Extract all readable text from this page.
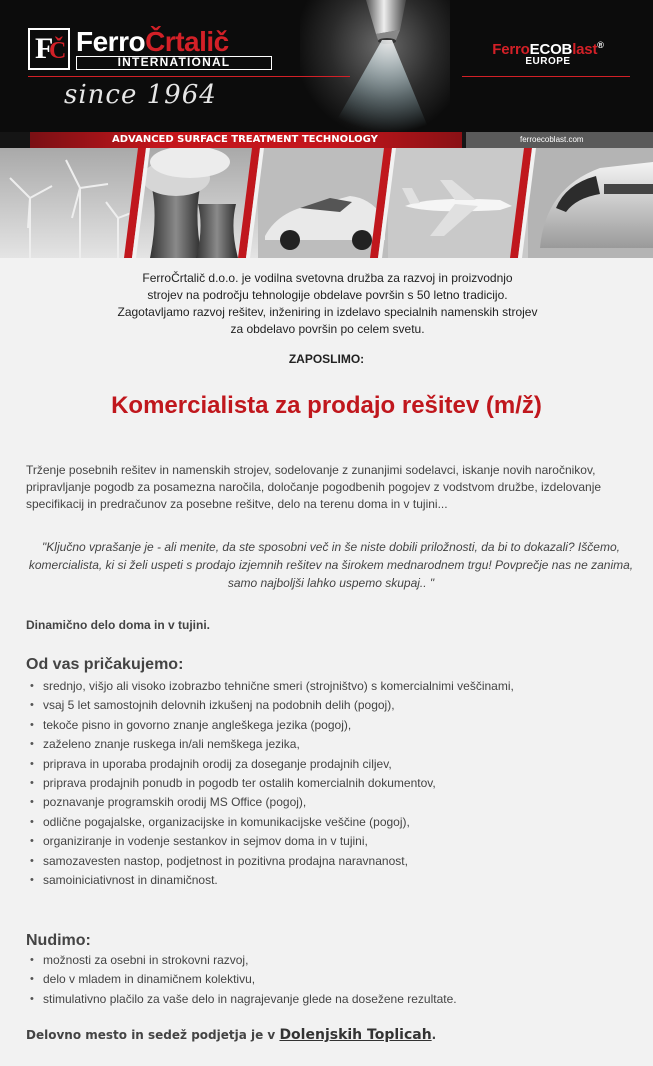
F
Č FerroČrtalič
INTERNATIONAL
since 1964
FerroECOBlast®
EUROPE
ADVANCED SURFACE TREATMENT TECHNOLOGY	ferroecoblast.com
FerroČrtalič d.o.o. je vodilna svetovna družba za razvoj in proizvodnjo
strojev na področju tehnologije obdelave površin s 50 letno tradicijo.
Zagotavljamo razvoj rešitev, inženiring in izdelavo specialnih namenskih strojev
za obdelavo površin po celem svetu.
ZAPOSLIMO:
Komercialista za prodajo rešitev (m/ž)
Trženje posebnih rešitev in namenskih strojev, sodelovanje z zunanjimi sodelavci, iskanje novih naročnikov, pripravljanje pogodb za posamezna naročila, določanje pogodbenih pogojev z vodstvom družbe, izdelovanje specifikacij in predračunov za posebne rešitve, delo na terenu doma in v tujini...
"Ključno vprašanje je - ali menite, da ste sposobni več in še niste dobili priložnosti, da bi to dokazali? Iščemo, komercialista, ki si želi uspeti s prodajo izjemnih rešitev na širokem mednarodnem trgu! Povprečje nas ne zanima, samo najboljši lahko uspemo skupaj.. "
Dinamično delo doma in v tujini.
Od vas pričakujemo:
• srednjo, višjo ali visoko izobrazbo tehnične smeri (strojništvo) s komercialnimi veščinami,
• vsaj 5 let samostojnih delovnih izkušenj na podobnih delih (pogoj),
• tekoče pisno in govorno znanje angleškega jezika (pogoj),
• zaželeno znanje ruskega in/ali nemškega jezika,
• priprava in uporaba prodajnih orodij za doseganje prodajnih ciljev,
• priprava prodajnih ponudb in pogodb ter ostalih komercialnih dokumentov,
• poznavanje programskih orodij MS Office (pogoj),
• odlične pogajalske, organizacijske in komunikacijske veščine (pogoj),
• organiziranje in vodenje sestankov in sejmov doma in v tujini,
• samozavesten nastop, podjetnost in pozitivna prodajna naravnanost,
• samoiniciativnost in dinamičnost.
Nudimo:
• možnosti za osebni in strokovni razvoj,
• delo v mladem in dinamičnem kolektivu,
• stimulativno plačilo za vaše delo in nagrajevanje glede na dosežene rezultate.
Delovno mesto in sedež podjetja je v Dolenjskih Toplicah.
